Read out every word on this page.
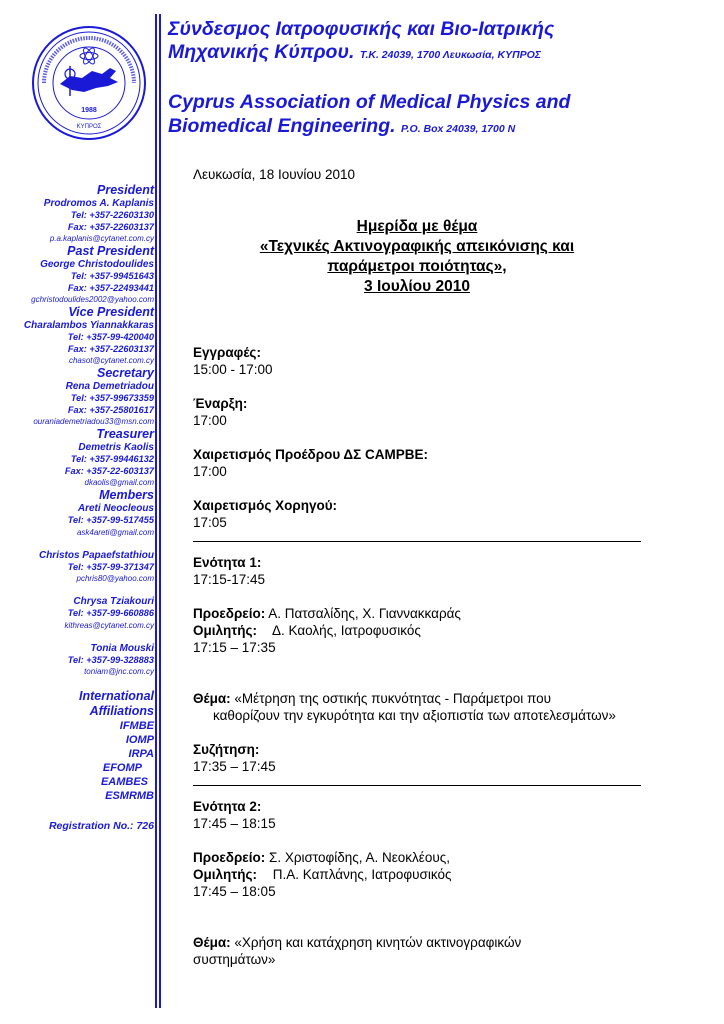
1988
ΚΥΠΡΟΣ
Σύνδεσμος Ιατροφυσικής και Βιο-Ιατρικής
Μηχανικής Κύπρου. Τ.Κ. 24039, 1700 Λευκωσία, ΚΥΠΡΟΣ
Cyprus Association of Medical Physics and
Biomedical Engineering. P.O. Box 24039, 1700 N
President
Prodromos A. Kaplanis
Tel: +357-22603130
Fax: +357-22603137
p.a.kaplanis@cytanet.com.cy
Past President
George Christodoulides
Tel: +357-99451643
Fax: +357-22493441
gchristodoulides2002@yahoo.com
Vice President
Charalambos Yiannakkaras
Tel: +357-99-420040
Fax: +357-22603137
chasot@cytanet.com.cy
Secretary
Rena Demetriadou
Tel: +357-99673359
Fax: +357-25801617
ouraniademetriadou33@msn.com
Treasurer
Demetris Kaolis
Tel: +357-99446132
Fax: +357-22-603137
dkaolis@gmail.com
Members
Areti Neocleous
Tel: +357-99-517455
ask4areti@gmail.com
Christos Papaefstathiou
Tel: +357-99-371347
pchris80@yahoo.com
Chrysa Tziakouri
Tel: +357-99-660886
kithreas@cytanet.com.cy
Tonia Mouski
Tel: +357-99-328883
toniam@jnc.com.cy
International
Affiliations
IFMBE
IOMP
IRPA
EFOMP
EAMBES
ESMRMB
Registration No.: 726
Λευκωσία, 18 Ιουνίου 2010
Ημερίδα με θέμα
«Τεχνικές Ακτινογραφικής απεικόνισης και
παράμετροι ποιότητας»,
3 Ιουλίου 2010
Εγγραφές:
15:00 - 17:00
Έναρξη:
17:00
Χαιρετισμός Προέδρου ΔΣ CAMPBE:
17:00
Χαιρετισμός Χορηγού:
17:05
Ενότητα 1:
17:15-17:45
Προεδρείο: Α. Πατσαλίδης, Χ. Γιαννακκαράς
Ομιλητής: Δ. Καολής, Ιατροφυσικός
17:15 – 17:35
Θέμα: «Μέτρηση της οστικής πυκνότητας - Παράμετροι που
καθορίζουν την εγκυρότητα και την αξιοπιστία των αποτελεσμάτων»
Συζήτηση:
17:35 – 17:45
Ενότητα 2:
17:45 – 18:15
Προεδρείο: Σ. Χριστοφίδης, Α. Νεοκλέους,
Ομιλητής: Π.Α. Καπλάνης, Ιατροφυσικός
17:45 – 18:05
Θέμα: «Χρήση και κατάχρηση κινητών ακτινογραφικών
συστημάτων»
